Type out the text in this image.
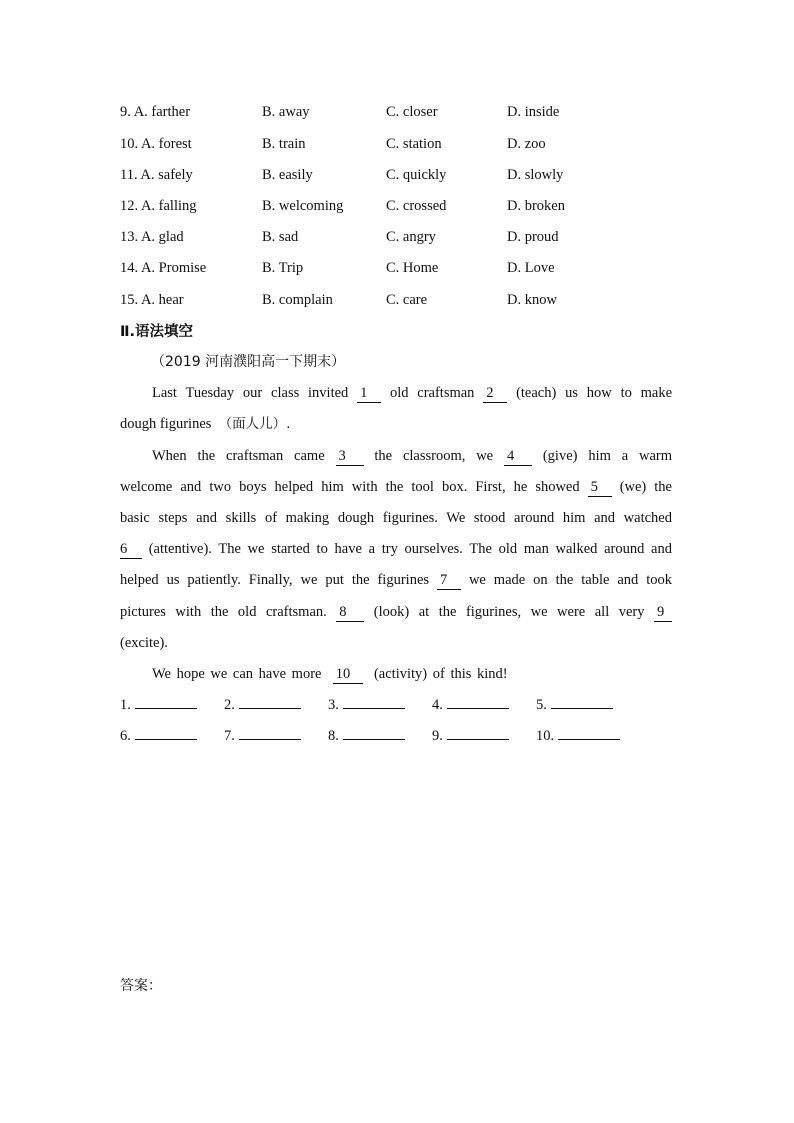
9. A. farther	B. away	C. closer	D. inside
10. A. forest	B. train	C. station	D. zoo
11. A. safely	B. easily	C. quickly	D. slowly
12. A. falling	B. welcoming	C. crossed	D. broken
13. A. glad	B. sad	C. angry	D. proud
14. A. Promise	B. Trip	C. Home	D. Love
15. A. hear	B. complain	C. care	D. know
Ⅱ.语法填空
（2019 河南濮阳高一下期末）
Last Tuesday our class invited 1 old craftsman 2 (teach) us how to make
dough figurines （面人儿）.
When the craftsman came 3 the classroom, we 4 (give) him a warm
welcome and two boys helped him with the tool box. First, he showed 5 (we) the
basic steps and skills of making dough figurines. We stood around him and watched
6 (attentive). The we started to have a try ourselves. The old man walked around and
helped us patiently. Finally, we put the figurines 7 we made on the table and took
pictures with the old craftsman. 8 (look) at the figurines, we were all very 9
(excite).
We hope we can have more 10 (activity) of this kind!
1.	2.	3.	4.	5.
6.	7.	8.	9.	10.
答案：
